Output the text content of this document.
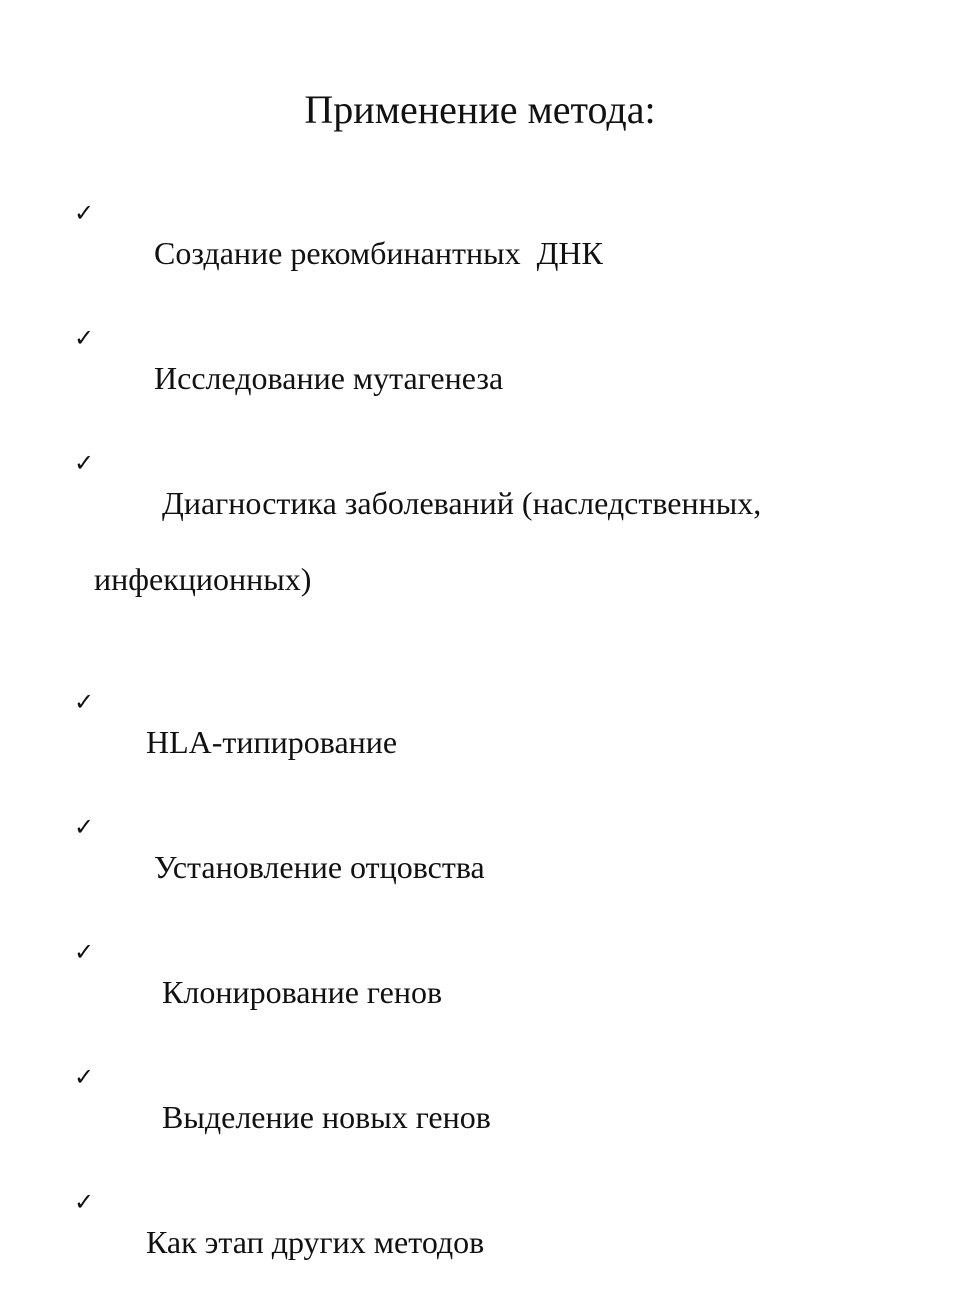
Применение метода:

✓
Создание рекомбинантных  ДНК

✓
Исследование мутагенеза

✓
Диагностика заболеваний (наследственных,

инфекционных)

✓
HLA-типирование

✓
Установление отцовства

✓
Клонирование генов

✓
Выделение новых генов

✓
Как этап других методов
